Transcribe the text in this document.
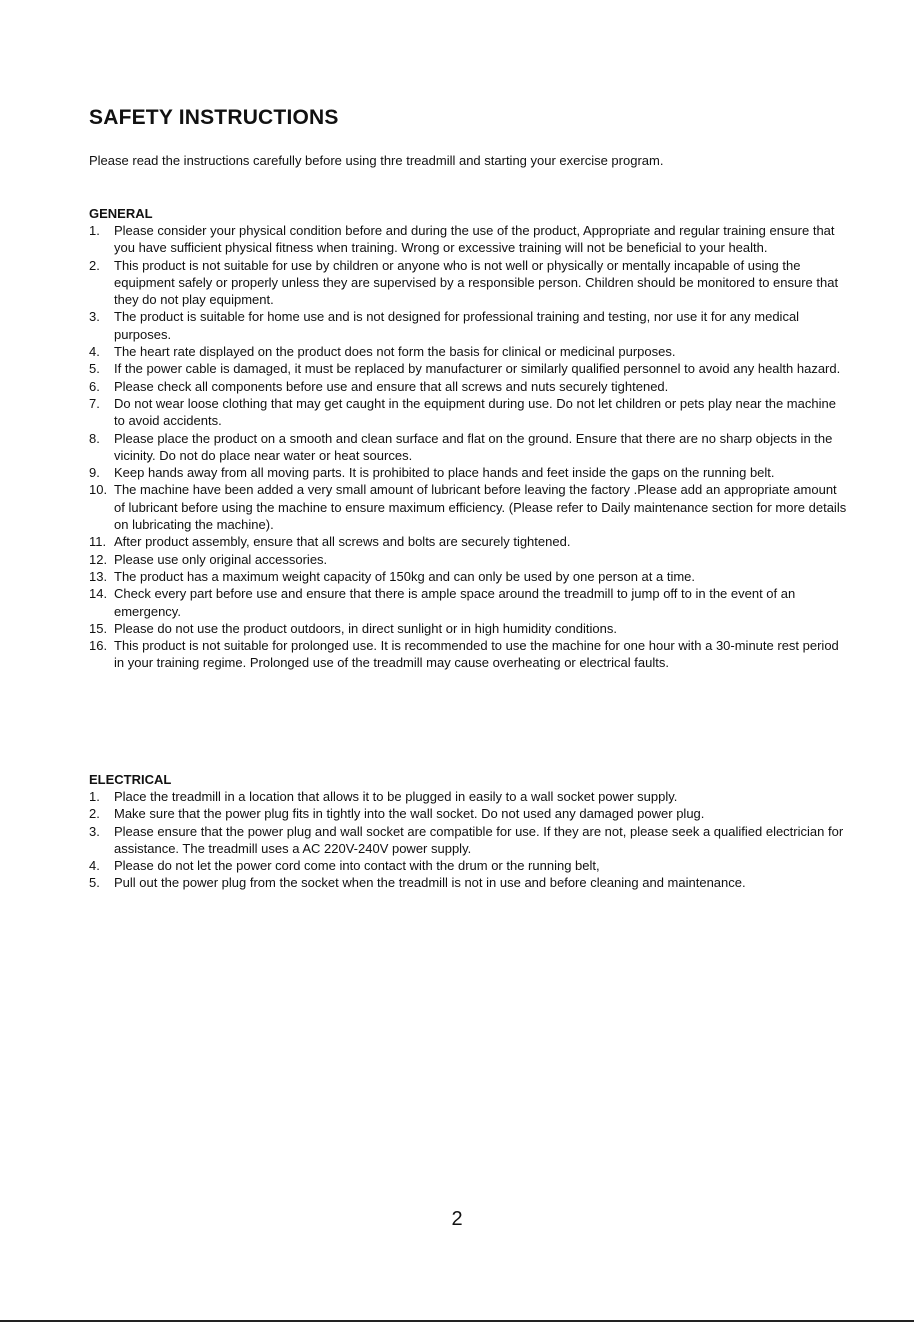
SAFETY INSTRUCTIONS

Please read the instructions carefully before using thre treadmill and starting your exercise program.

GENERAL
1. Please consider your physical condition before and during the use of the product, Appropriate and regular training ensure that you have sufficient physical fitness when training. Wrong or excessive training will not be beneficial to your health.
2. This product is not suitable for use by children or anyone who is not well or physically or mentally incapable of using the equipment safely or properly unless they are supervised by a responsible person. Children should be monitored to ensure that they do not play equipment.
3. The product is suitable for home use and is not designed for professional training and testing, nor use it for any medical purposes.
4. The heart rate displayed on the product does not form the basis for clinical or medicinal purposes.
5. If the power cable is damaged, it must be replaced by manufacturer or similarly qualified personnel to avoid any health hazard.
6. Please check all components before use and ensure that all screws and nuts securely tightened.
7. Do not wear loose clothing that may get caught in the equipment during use. Do not let children or pets play near the machine to avoid accidents.
8. Please place the product on a smooth and clean surface and flat on the ground. Ensure that there are no sharp objects in the vicinity. Do not do place near water or heat sources.
9. Keep hands away from all moving parts. It is prohibited to place hands and feet inside the gaps on the running belt.
10. The machine have been added a very small amount of lubricant before leaving the factory .Please add an appropriate amount of lubricant before using the machine to ensure maximum efficiency. (Please refer to Daily maintenance section for more details on lubricating the machine).
11. After product assembly, ensure that all screws and bolts are securely tightened.
12. Please use only original accessories.
13. The product has a maximum weight capacity of 150kg and can only be used by one person at a time.
14. Check every part before use and ensure that there is ample space around the treadmill to jump off to in the event of an emergency.
15. Please do not use the product outdoors, in direct sunlight or in high humidity conditions.
16. This product is not suitable for prolonged use. It is recommended to use the machine for one hour with a 30-minute rest period in your training regime. Prolonged use of the treadmill may cause overheating or electrical faults.
ELECTRICAL
1. Place the treadmill in a location that allows it to be plugged in easily to a wall socket power supply.
2. Make sure that the power plug fits in tightly into the wall socket. Do not used any damaged power plug.
3. Please ensure that the power plug and wall socket are compatible for use. If they are not, please seek a qualified electrician for assistance. The treadmill uses a AC 220V-240V power supply.
4. Please do not let the power cord come into contact with the drum or the running belt,
5. Pull out the power plug from the socket when the treadmill is not in use and before cleaning and maintenance.
2
